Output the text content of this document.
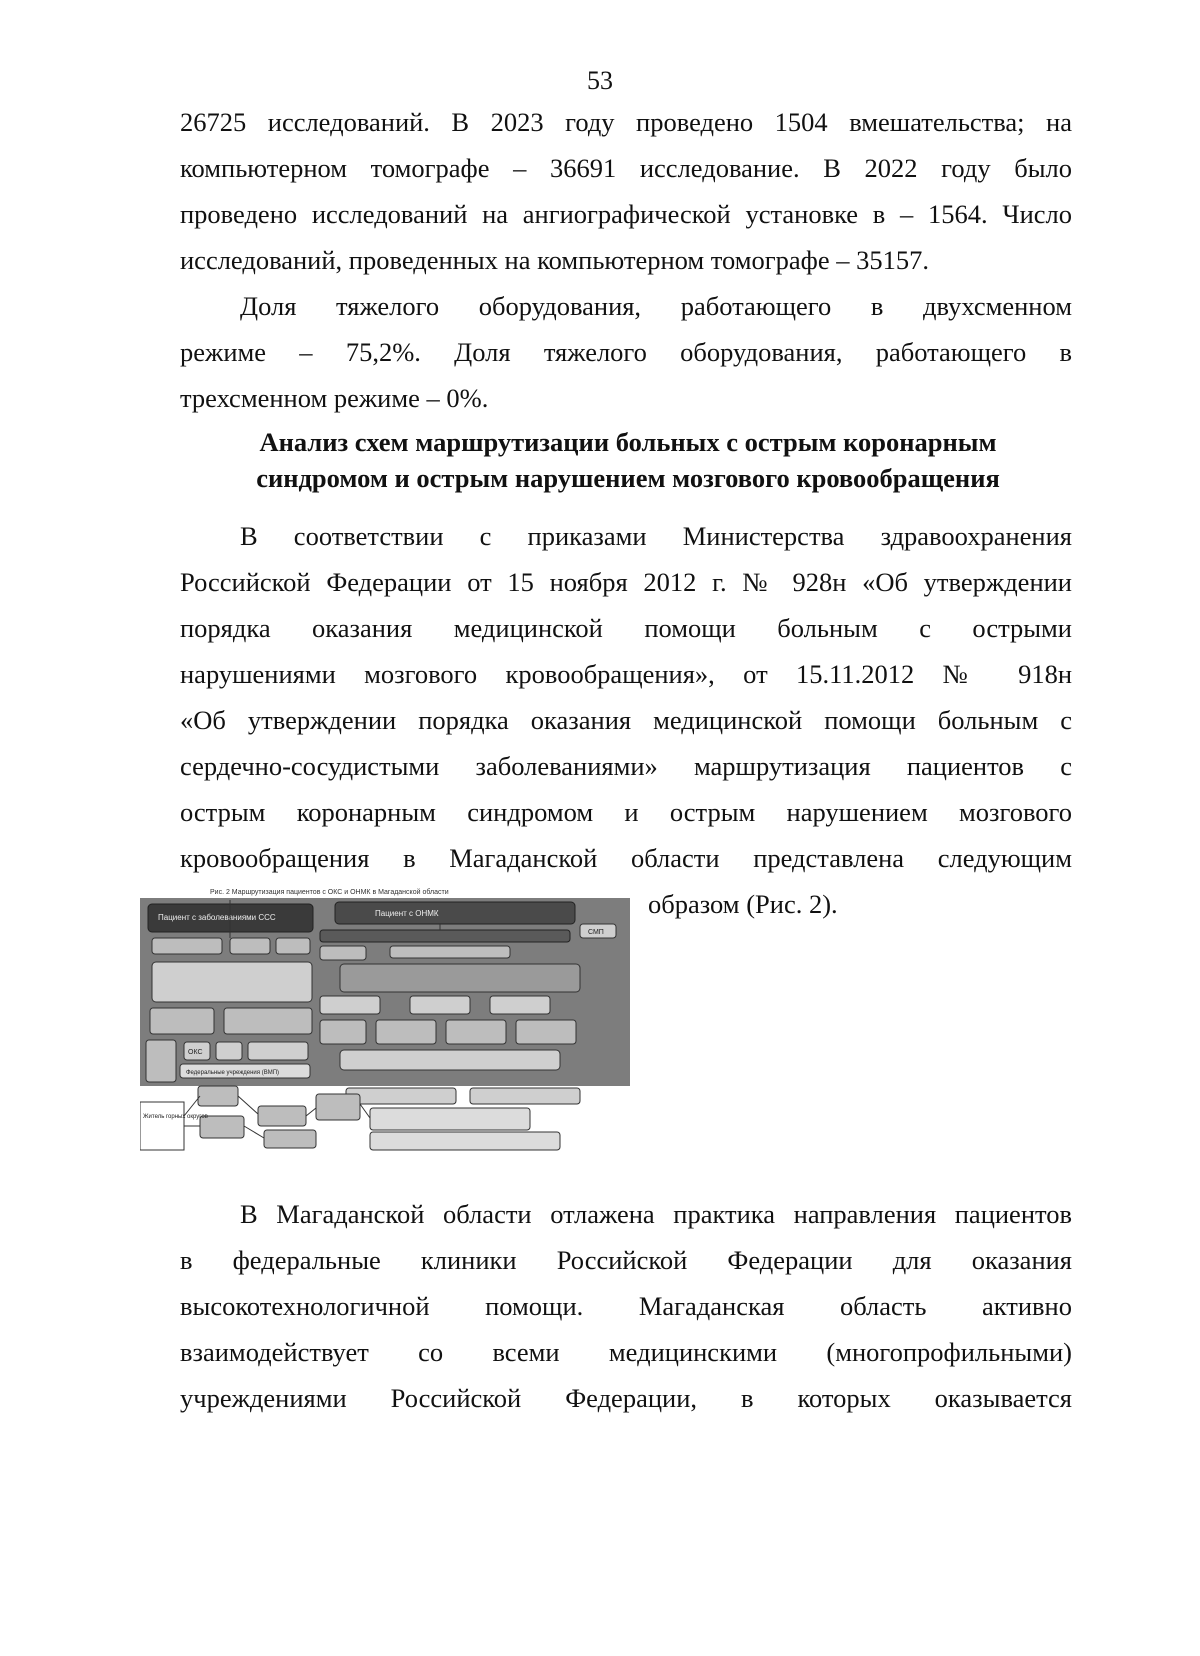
53
26725 исследований. В 2023 году проведено 1504 вмешательства; на
компьютерном томографе – 36691 исследование. В 2022 году было
проведено исследований на ангиографической установке в – 1564. Число
исследований, проведенных на компьютерном томографе – 35157.
Доля тяжелого оборудования, работающего в двухсменном
режиме – 75,2%. Доля тяжелого оборудования, работающего в
трехсменном режиме – 0%.
Анализ схем маршрутизации больных с острым коронарным
синдромом и острым нарушением мозгового кровообращения
В соответствии с приказами Министерства здравоохранения
Российской Федерации от 15 ноября 2012 г. № 928н «Об утверждении
порядка оказания медицинской помощи больным с острыми
нарушениями мозгового кровообращения», от 15.11.2012 № 918н
«Об утверждении порядка оказания медицинской помощи больным с
сердечно-сосудистыми заболеваниями» маршрутизация пациентов с
острым коронарным синдромом и острым нарушением мозгового
кровообращения в Магаданской области представлена следующим
образом (Рис. 2).
Рис. 2 Маршрутизация пациентов с ОКС и ОНМК в Магаданской области
Пациент с заболеваниями ССС	Пациент с ОНМК
СМП
ОКС
Федеральные учреждения (ВМП)
Житель горных округов
В Магаданской области отлажена практика направления пациентов
в федеральные клиники Российской Федерации для оказания
высокотехнологичной помощи. Магаданская область активно
взаимодействует со всеми медицинскими (многопрофильными)
учреждениями Российской Федерации, в которых оказывается
